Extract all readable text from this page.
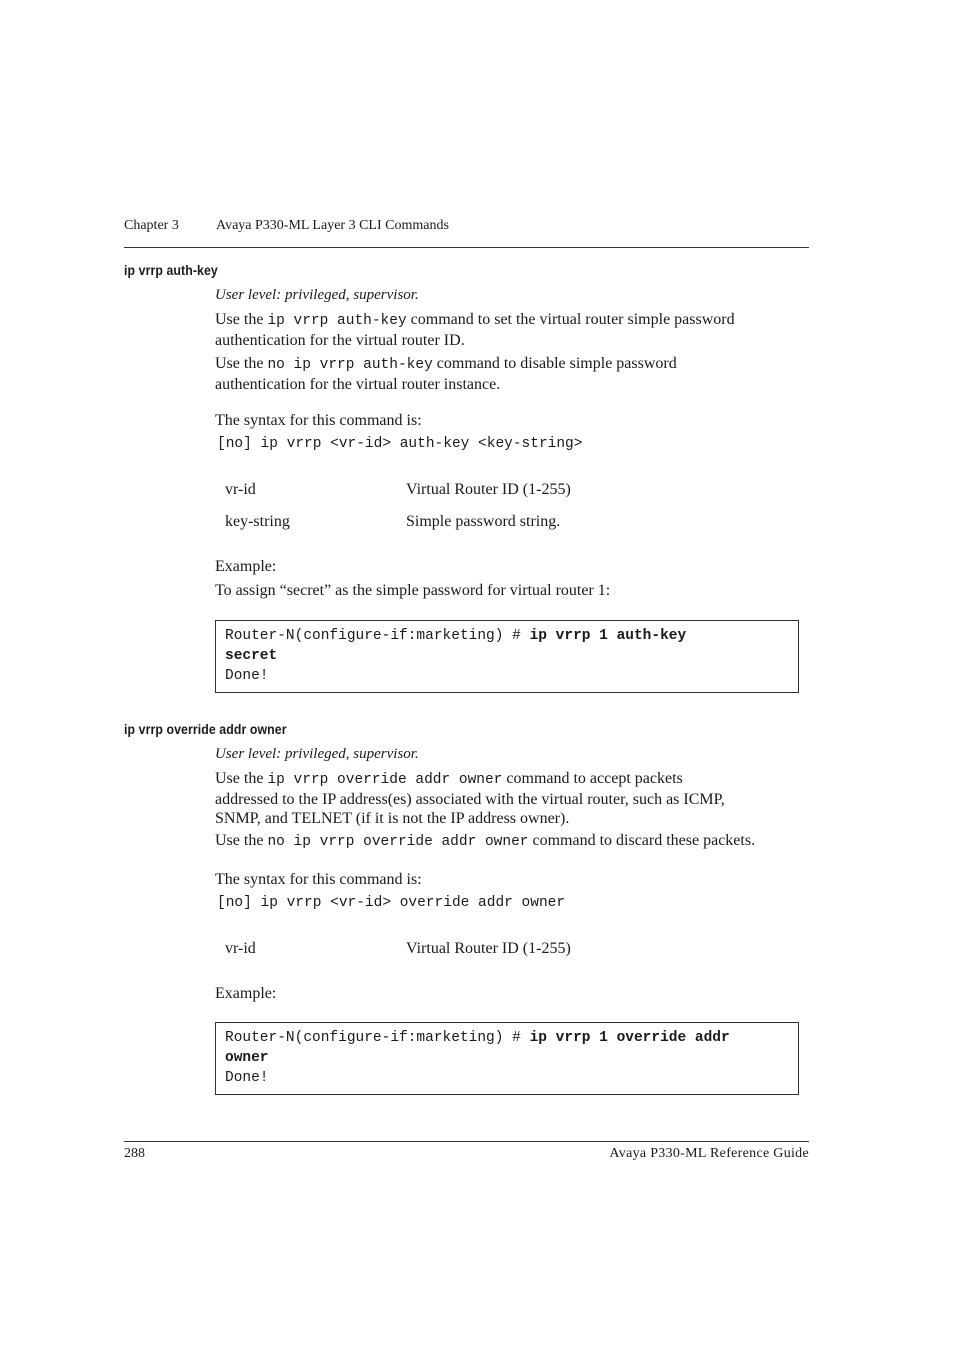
Chapter 3	Avaya P330-ML Layer 3 CLI Commands
ip vrrp auth-key
User level: privileged, supervisor.
Use the ip vrrp auth-key command to set the virtual router simple password
authentication for the virtual router ID.
Use the no ip vrrp auth-key command to disable simple password
authentication for the virtual router instance.
The syntax for this command is:
[no] ip vrrp <vr-id> auth-key <key-string>
vr-id	Virtual Router ID (1-255)
key-string	Simple password string.
Example:
To assign “secret” as the simple password for virtual router 1:
Router-N(configure-if:marketing) # ip vrrp 1 auth-key
secret
Done!
ip vrrp override addr owner
User level: privileged, supervisor.
Use the ip vrrp override addr owner command to accept packets
addressed to the IP address(es) associated with the virtual router, such as ICMP,
SNMP, and TELNET (if it is not the IP address owner).
Use the no ip vrrp override addr owner command to discard these packets.
The syntax for this command is:
[no] ip vrrp <vr-id> override addr owner
vr-id	Virtual Router ID (1-255)
Example:
Router-N(configure-if:marketing) # ip vrrp 1 override addr
owner
Done!
288	Avaya P330-ML Reference Guide
